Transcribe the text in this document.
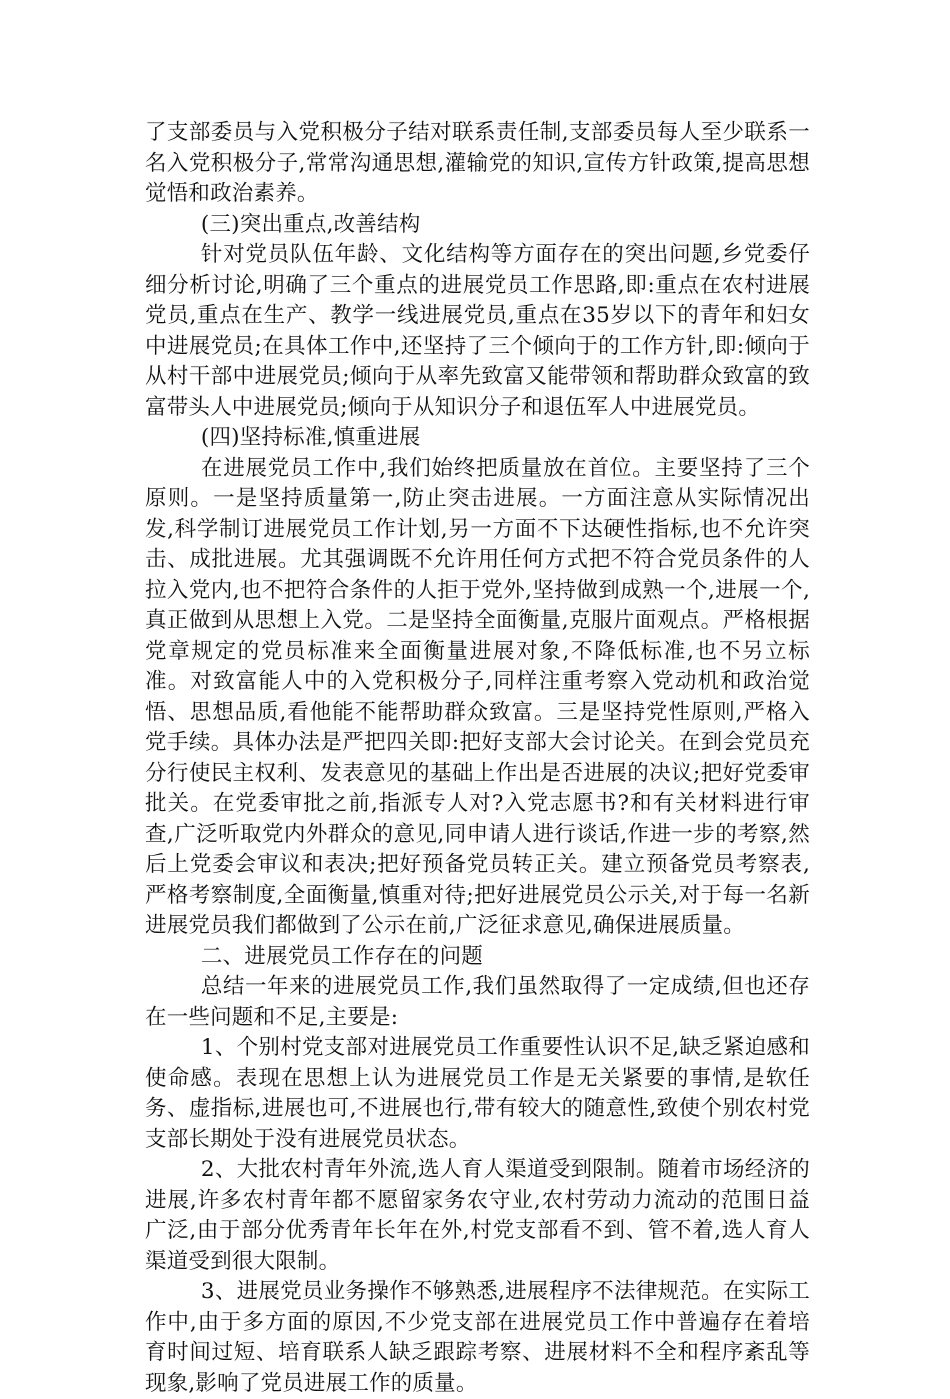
了支部委员与入党积极分子结对联系责任制,支部委员每人至少联系一名入党积极分子,常常沟通思想,灌输党的知识,宣传方针政策,提高思想觉悟和政治素养。

(三)突出重点,改善结构

针对党员队伍年龄、文化结构等方面存在的突出问题,乡党委仔细分析讨论,明确了三个重点的进展党员工作思路,即:重点在农村进展党员,重点在生产、教学一线进展党员,重点在35岁以下的青年和妇女中进展党员;在具体工作中,还坚持了三个倾向于的工作方针,即:倾向于从村干部中进展党员;倾向于从率先致富又能带领和帮助群众致富的致富带头人中进展党员;倾向于从知识分子和退伍军人中进展党员。

(四)坚持标准,慎重进展

在进展党员工作中,我们始终把质量放在首位。主要坚持了三个原则。一是坚持质量第一,防止突击进展。一方面注意从实际情况出发,科学制订进展党员工作计划,另一方面不下达硬性指标,也不允许突击、成批进展。尤其强调既不允许用任何方式把不符合党员条件的人拉入党内,也不把符合条件的人拒于党外,坚持做到成熟一个,进展一个,真正做到从思想上入党。二是坚持全面衡量,克服片面观点。严格根据党章规定的党员标准来全面衡量进展对象,不降低标准,也不另立标准。对致富能人中的入党积极分子,同样注重考察入党动机和政治觉悟、思想品质,看他能不能帮助群众致富。三是坚持党性原则,严格入党手续。具体办法是严把四关即:把好支部大会讨论关。在到会党员充分行使民主权利、发表意见的基础上作出是否进展的决议;把好党委审批关。在党委审批之前,指派专人对?入党志愿书?和有关材料进行审查,广泛听取党内外群众的意见,同申请人进行谈话,作进一步的考察,然后上党委会审议和表决;把好预备党员转正关。建立预备党员考察表,严格考察制度,全面衡量,慎重对待;把好进展党员公示关,对于每一名新进展党员我们都做到了公示在前,广泛征求意见,确保进展质量。

二、进展党员工作存在的问题

总结一年来的进展党员工作,我们虽然取得了一定成绩,但也还存在一些问题和不足,主要是:

1、个别村党支部对进展党员工作重要性认识不足,缺乏紧迫感和使命感。表现在思想上认为进展党员工作是无关紧要的事情,是软任务、虚指标,进展也可,不进展也行,带有较大的随意性,致使个别农村党支部长期处于没有进展党员状态。

2、大批农村青年外流,选人育人渠道受到限制。随着市场经济的进展,许多农村青年都不愿留家务农守业,农村劳动力流动的范围日益广泛,由于部分优秀青年长年在外,村党支部看不到、管不着,选人育人渠道受到很大限制。

3、进展党员业务操作不够熟悉,进展程序不法律规范。在实际工作中,由于多方面的原因,不少党支部在进展党员工作中普遍存在着培育时间过短、培育联系人缺乏跟踪考察、进展材料不全和程序紊乱等现象,影响了党员进展工作的质量。
